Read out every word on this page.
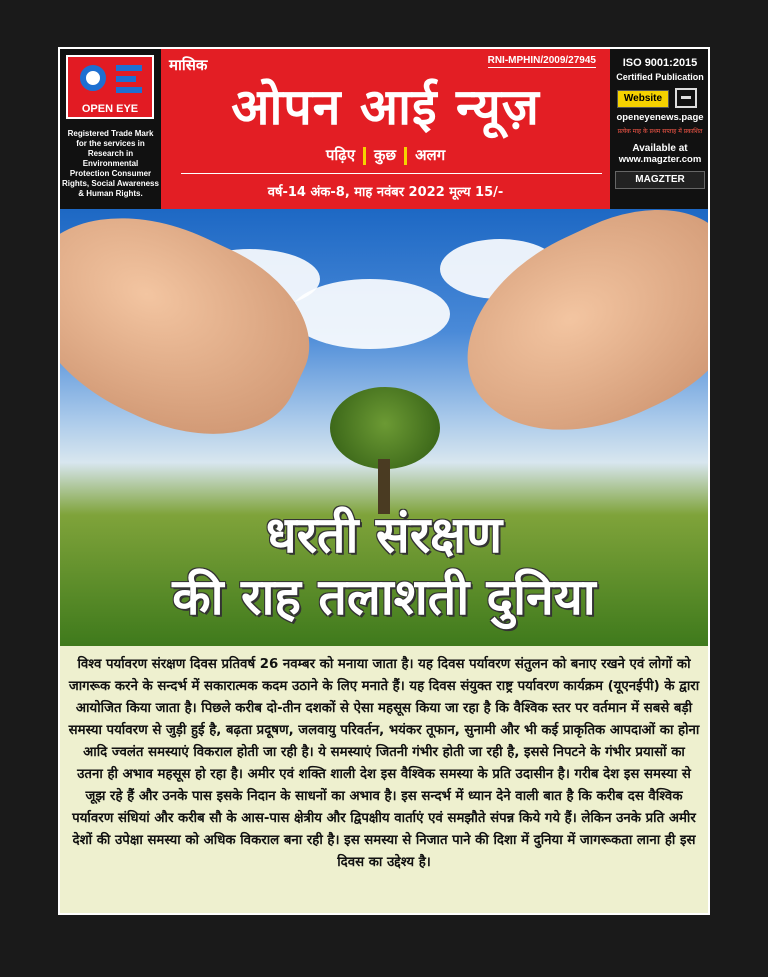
OPEN EYE
Registered Trade Mark for the services in Research in Environmental Protection Consumer Rights, Social Awareness & Human Rights.
मासिक	RNI-MPHIN/2009/27945
ओपन आई न्यूज़
पढ़िए कुछ अलग
वर्ष-14 अंक-8, माह नवंबर 2022 मूल्य 15/-
ISO 9001:2015
Certified Publication
Website
openeyenews.page
प्रत्येक माह के प्रथम सप्ताह में प्रकाशित
Available at
www.magzter.com
MAGZTER
धरती संरक्षण
की राह तलाशती दुनिया
विश्व पर्यावरण संरक्षण दिवस प्रतिवर्ष 26 नवम्बर को मनाया जाता है। यह दिवस पर्यावरण संतुलन को बनाए रखने एवं लोगों को जागरूक करने के सन्दर्भ में सकारात्मक कदम उठाने के लिए मनाते हैं। यह दिवस संयुक्त राष्ट्र पर्यावरण कार्यक्रम (यूएनईपी) के द्वारा आयोजित किया जाता है। पिछले करीब दो-तीन दशकों से ऐसा महसूस किया जा रहा है कि वैश्विक स्तर पर वर्तमान में सबसे बड़ी समस्या पर्यावरण से जुड़ी हुई है, बढ़ता प्रदूषण, जलवायु परिवर्तन, भयंकर तूफान, सुनामी और भी कई प्राकृतिक आपदाओं का होना आदि ज्वलंत समस्याएं विकराल होती जा रही है। ये समस्याएं जितनी गंभीर होती जा रही है, इससे निपटने के गंभीर प्रयासों का उतना ही अभाव महसूस हो रहा है। अमीर एवं शक्ति शाली देश इस वैश्विक समस्या के प्रति उदासीन है। गरीब देश इस समस्या से जूझ रहे हैं और उनके पास इसके निदान के साधनों का अभाव है। इस सन्दर्भ में ध्यान देने वाली बात है कि करीब दस वैश्विक पर्यावरण संधियां और करीब सौ के आस-पास क्षेत्रीय और द्विपक्षीय वार्ताएं एवं समझौते संपन्न किये गये हैं। लेकिन उनके प्रति अमीर देशों की उपेक्षा समस्या को अधिक विकराल बना रही है। इस समस्या से निजात पाने की दिशा में दुनिया में जागरूकता लाना ही इस दिवस का उद्देश्य है।
